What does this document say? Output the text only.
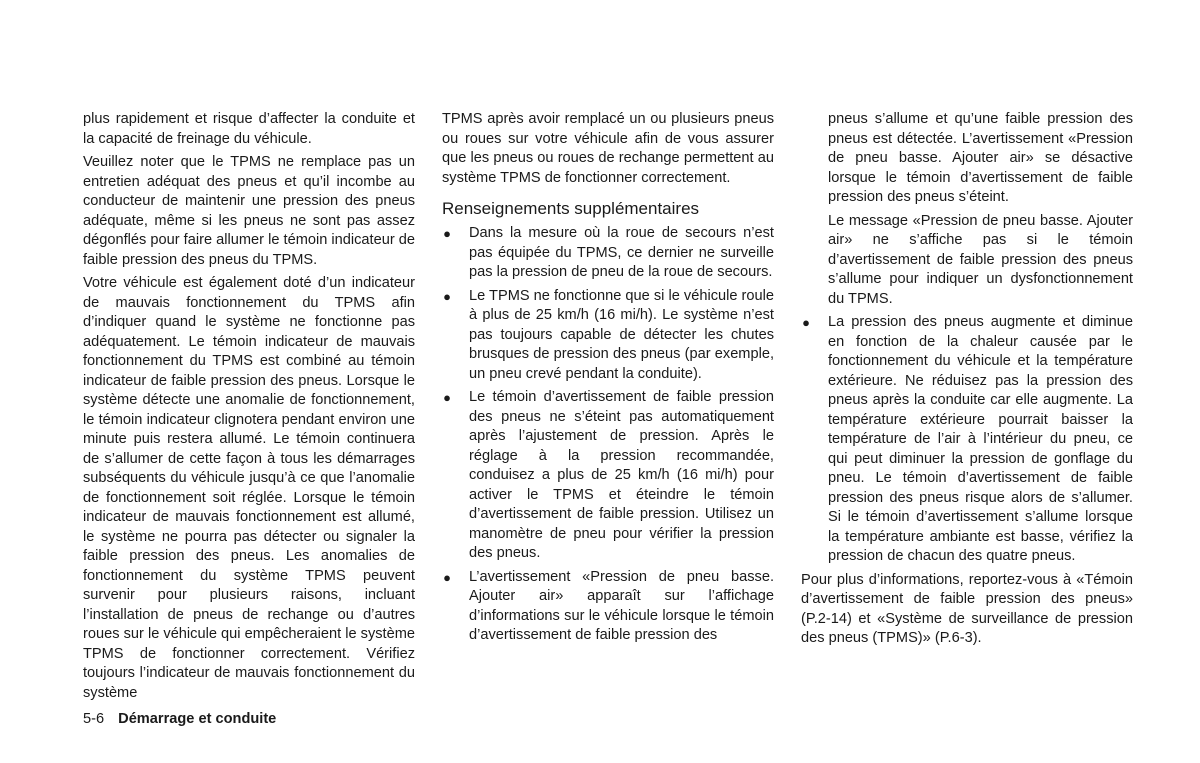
plus rapidement et risque d’affecter la conduite et la capacité de freinage du véhicule.

Veuillez noter que le TPMS ne remplace pas un entretien adéquat des pneus et qu’il incombe au conducteur de maintenir une pression des pneus adéquate, même si les pneus ne sont pas assez dégonflés pour faire allumer le témoin indicateur de faible pression des pneus du TPMS.

Votre véhicule est également doté d’un indicateur de mauvais fonctionnement du TPMS afin d’indiquer quand le système ne fonctionne pas adéquatement. Le témoin indicateur de mauvais fonctionnement du TPMS est combiné au témoin indicateur de faible pression des pneus. Lorsque le système détecte une anomalie de fonctionnement, le témoin indicateur clignotera pendant environ une minute puis restera allumé. Le témoin continuera de s’allumer de cette façon à tous les démarrages subséquents du véhicule jusqu’à ce que l’anomalie de fonctionnement soit réglée. Lorsque le témoin indicateur de mauvais fonctionnement est allumé, le système ne pourra pas détecter ou signaler la faible pression des pneus. Les anomalies de fonctionnement du système TPMS peuvent survenir pour plusieurs raisons, incluant l’installation de pneus de rechange ou d’autres roues sur le véhicule qui empêcheraient le système TPMS de fonctionner correctement. Vérifiez toujours l’indicateur de mauvais fonctionnement du système

TPMS après avoir remplacé un ou plusieurs pneus ou roues sur votre véhicule afin de vous assurer que les pneus ou roues de rechange permettent au système TPMS de fonctionner correctement.

Renseignements supplémentaires
● Dans la mesure où la roue de secours n’est pas équipée du TPMS, ce dernier ne surveille pas la pression de pneu de la roue de secours.

● Le TPMS ne fonctionne que si le véhicule roule à plus de 25 km/h (16 mi/h). Le système n’est pas toujours capable de détecter les chutes brusques de pression des pneus (par exemple, un pneu crevé pendant la conduite).

● Le témoin d’avertissement de faible pression des pneus ne s’éteint pas automatiquement après l’ajustement de pression. Après le réglage à la pression recommandée, conduisez a plus de 25 km/h (16 mi/h) pour activer le TPMS et éteindre le témoin d’avertissement de faible pression. Utilisez un manomètre de pneu pour vérifier la pression des pneus.

● L’avertissement «Pression de pneu basse. Ajouter air» apparaît sur l’affichage d’informations sur le véhicule lorsque le témoin d’avertissement de faible pression des

pneus s’allume et qu’une faible pression des pneus est détectée. L’avertissement «Pression de pneu basse. Ajouter air» se désactive lorsque le témoin d’avertissement de faible pression des pneus s’éteint.

Le message «Pression de pneu basse. Ajouter air» ne s’affiche pas si le témoin d’avertissement de faible pression des pneus s’allume pour indiquer un dysfonctionnement du TPMS.

● La pression des pneus augmente et diminue en fonction de la chaleur causée par le fonctionnement du véhicule et la température extérieure. Ne réduisez pas la pression des pneus après la conduite car elle augmente. La température extérieure pourrait baisser la température de l’air à l’intérieur du pneu, ce qui peut diminuer la pression de gonflage du pneu. Le témoin d’avertissement de faible pression des pneus risque alors de s’allumer. Si le témoin d’avertissement s’allume lorsque la température ambiante est basse, vérifiez la pression de chacun des quatre pneus.

Pour plus d’informations, reportez-vous à «Témoin d’avertissement de faible pression des pneus» (P.2-14) et «Système de surveillance de pression des pneus (TPMS)» (P.6-3).

5-6 Démarrage et conduite
